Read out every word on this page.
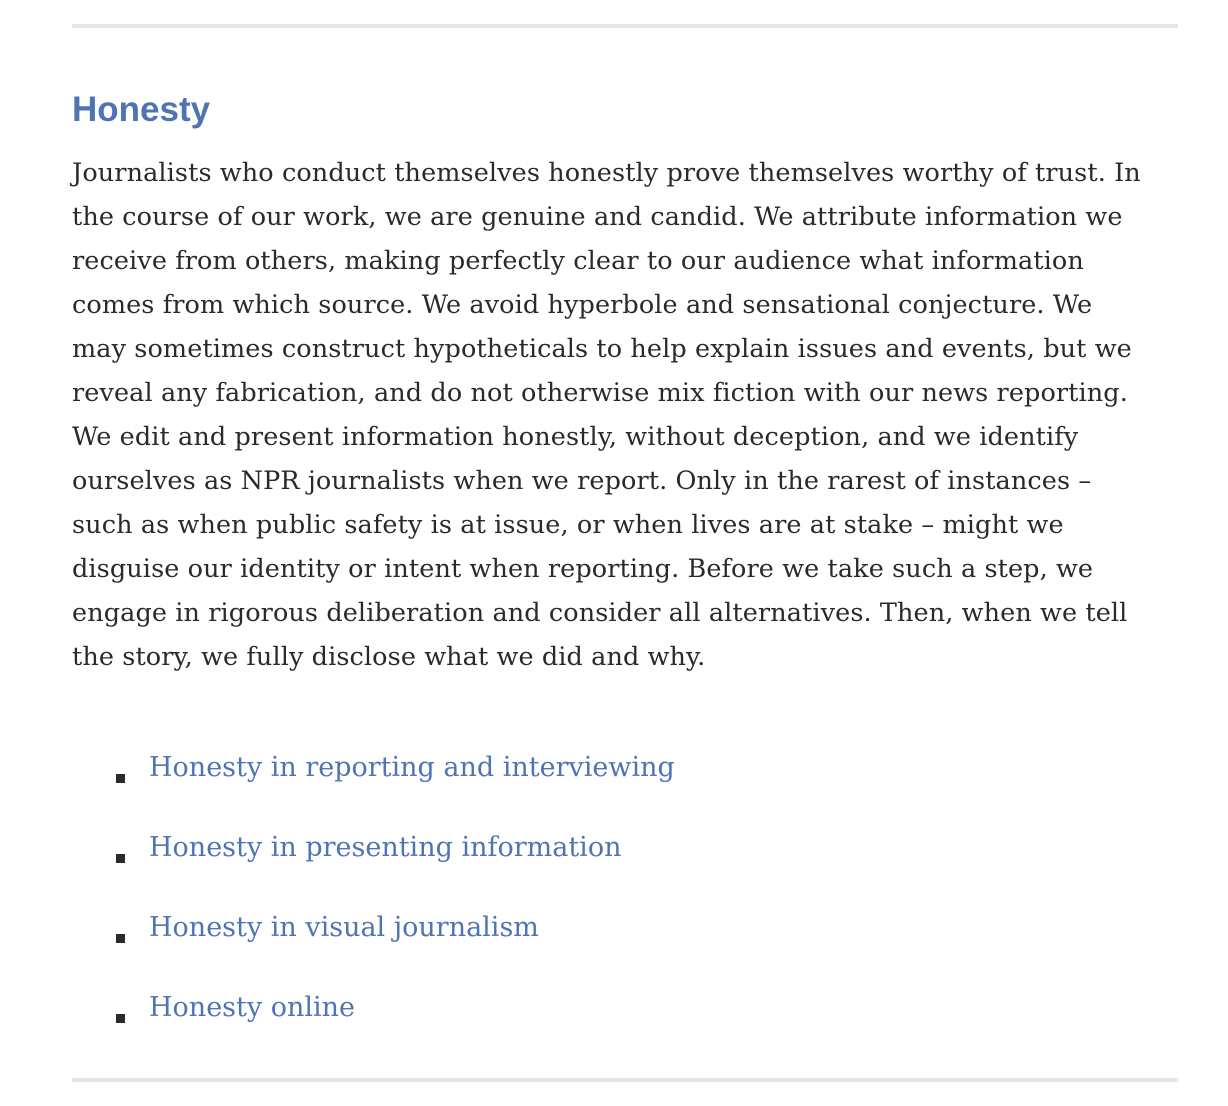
Honesty

Journalists who conduct themselves honestly prove themselves worthy of trust. In the course of our work, we are genuine and candid. We attribute information we receive from others, making perfectly clear to our audience what information comes from which source. We avoid hyperbole and sensational conjecture. We may sometimes construct hypotheticals to help explain issues and events, but we reveal any fabrication, and do not otherwise mix fiction with our news reporting. We edit and present information honestly, without deception, and we identify ourselves as NPR journalists when we report. Only in the rarest of instances – such as when public safety is at issue, or when lives are at stake – might we disguise our identity or intent when reporting. Before we take such a step, we engage in rigorous deliberation and consider all alternatives. Then, when we tell the story, we fully disclose what we did and why.

Honesty in reporting and interviewing
Honesty in presenting information
Honesty in visual journalism
Honesty online
